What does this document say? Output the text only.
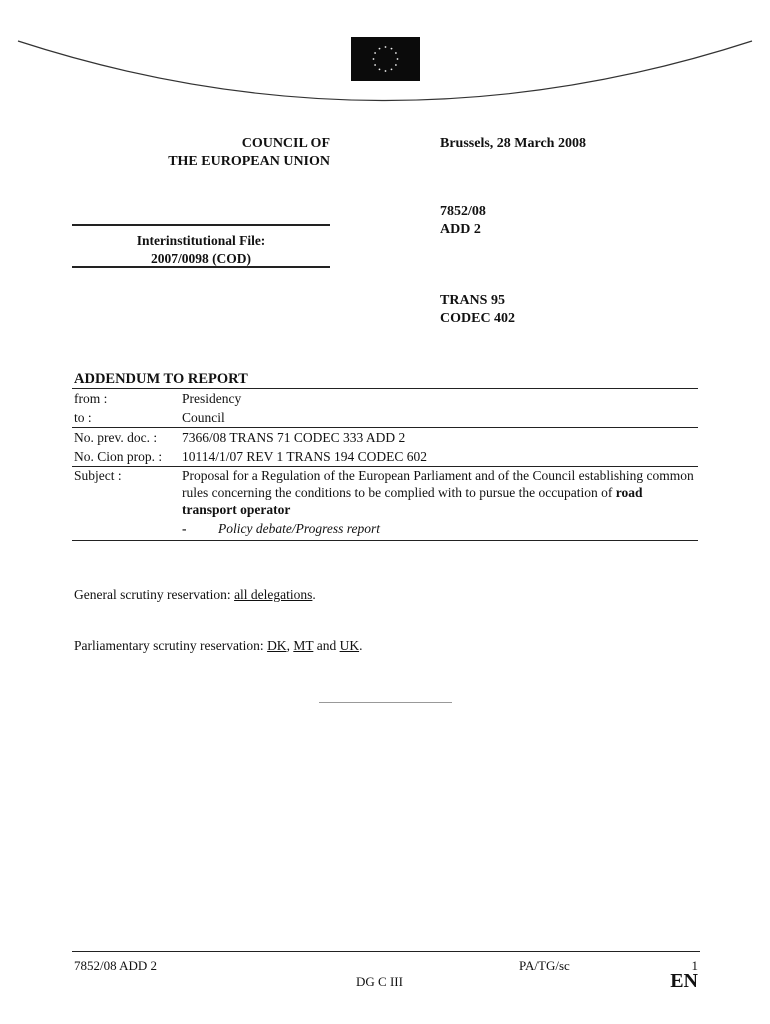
COUNCIL OF
THE EUROPEAN UNION
Brussels, 28 March 2008
7852/08
ADD 2
Interinstitutional File:
2007/0098 (COD)
TRANS 95
CODEC 402
ADDENDUM TO REPORT
from :	Presidency
to :	Council
No. prev. doc. :	7366/08 TRANS 71 CODEC 333 ADD 2
No. Cion prop. :	10114/1/07 REV 1 TRANS 194 CODEC 602
Subject :	Proposal for a Regulation of the European Parliament and of the Council establishing common rules concerning the conditions to be complied with to pursue the occupation of road transport operator
-	Policy debate/Progress report
General scrutiny reservation: all delegations.
Parliamentary scrutiny reservation: DK, MT and UK.
7852/08 ADD 2
DG C III
PA/TG/sc	1
EN
